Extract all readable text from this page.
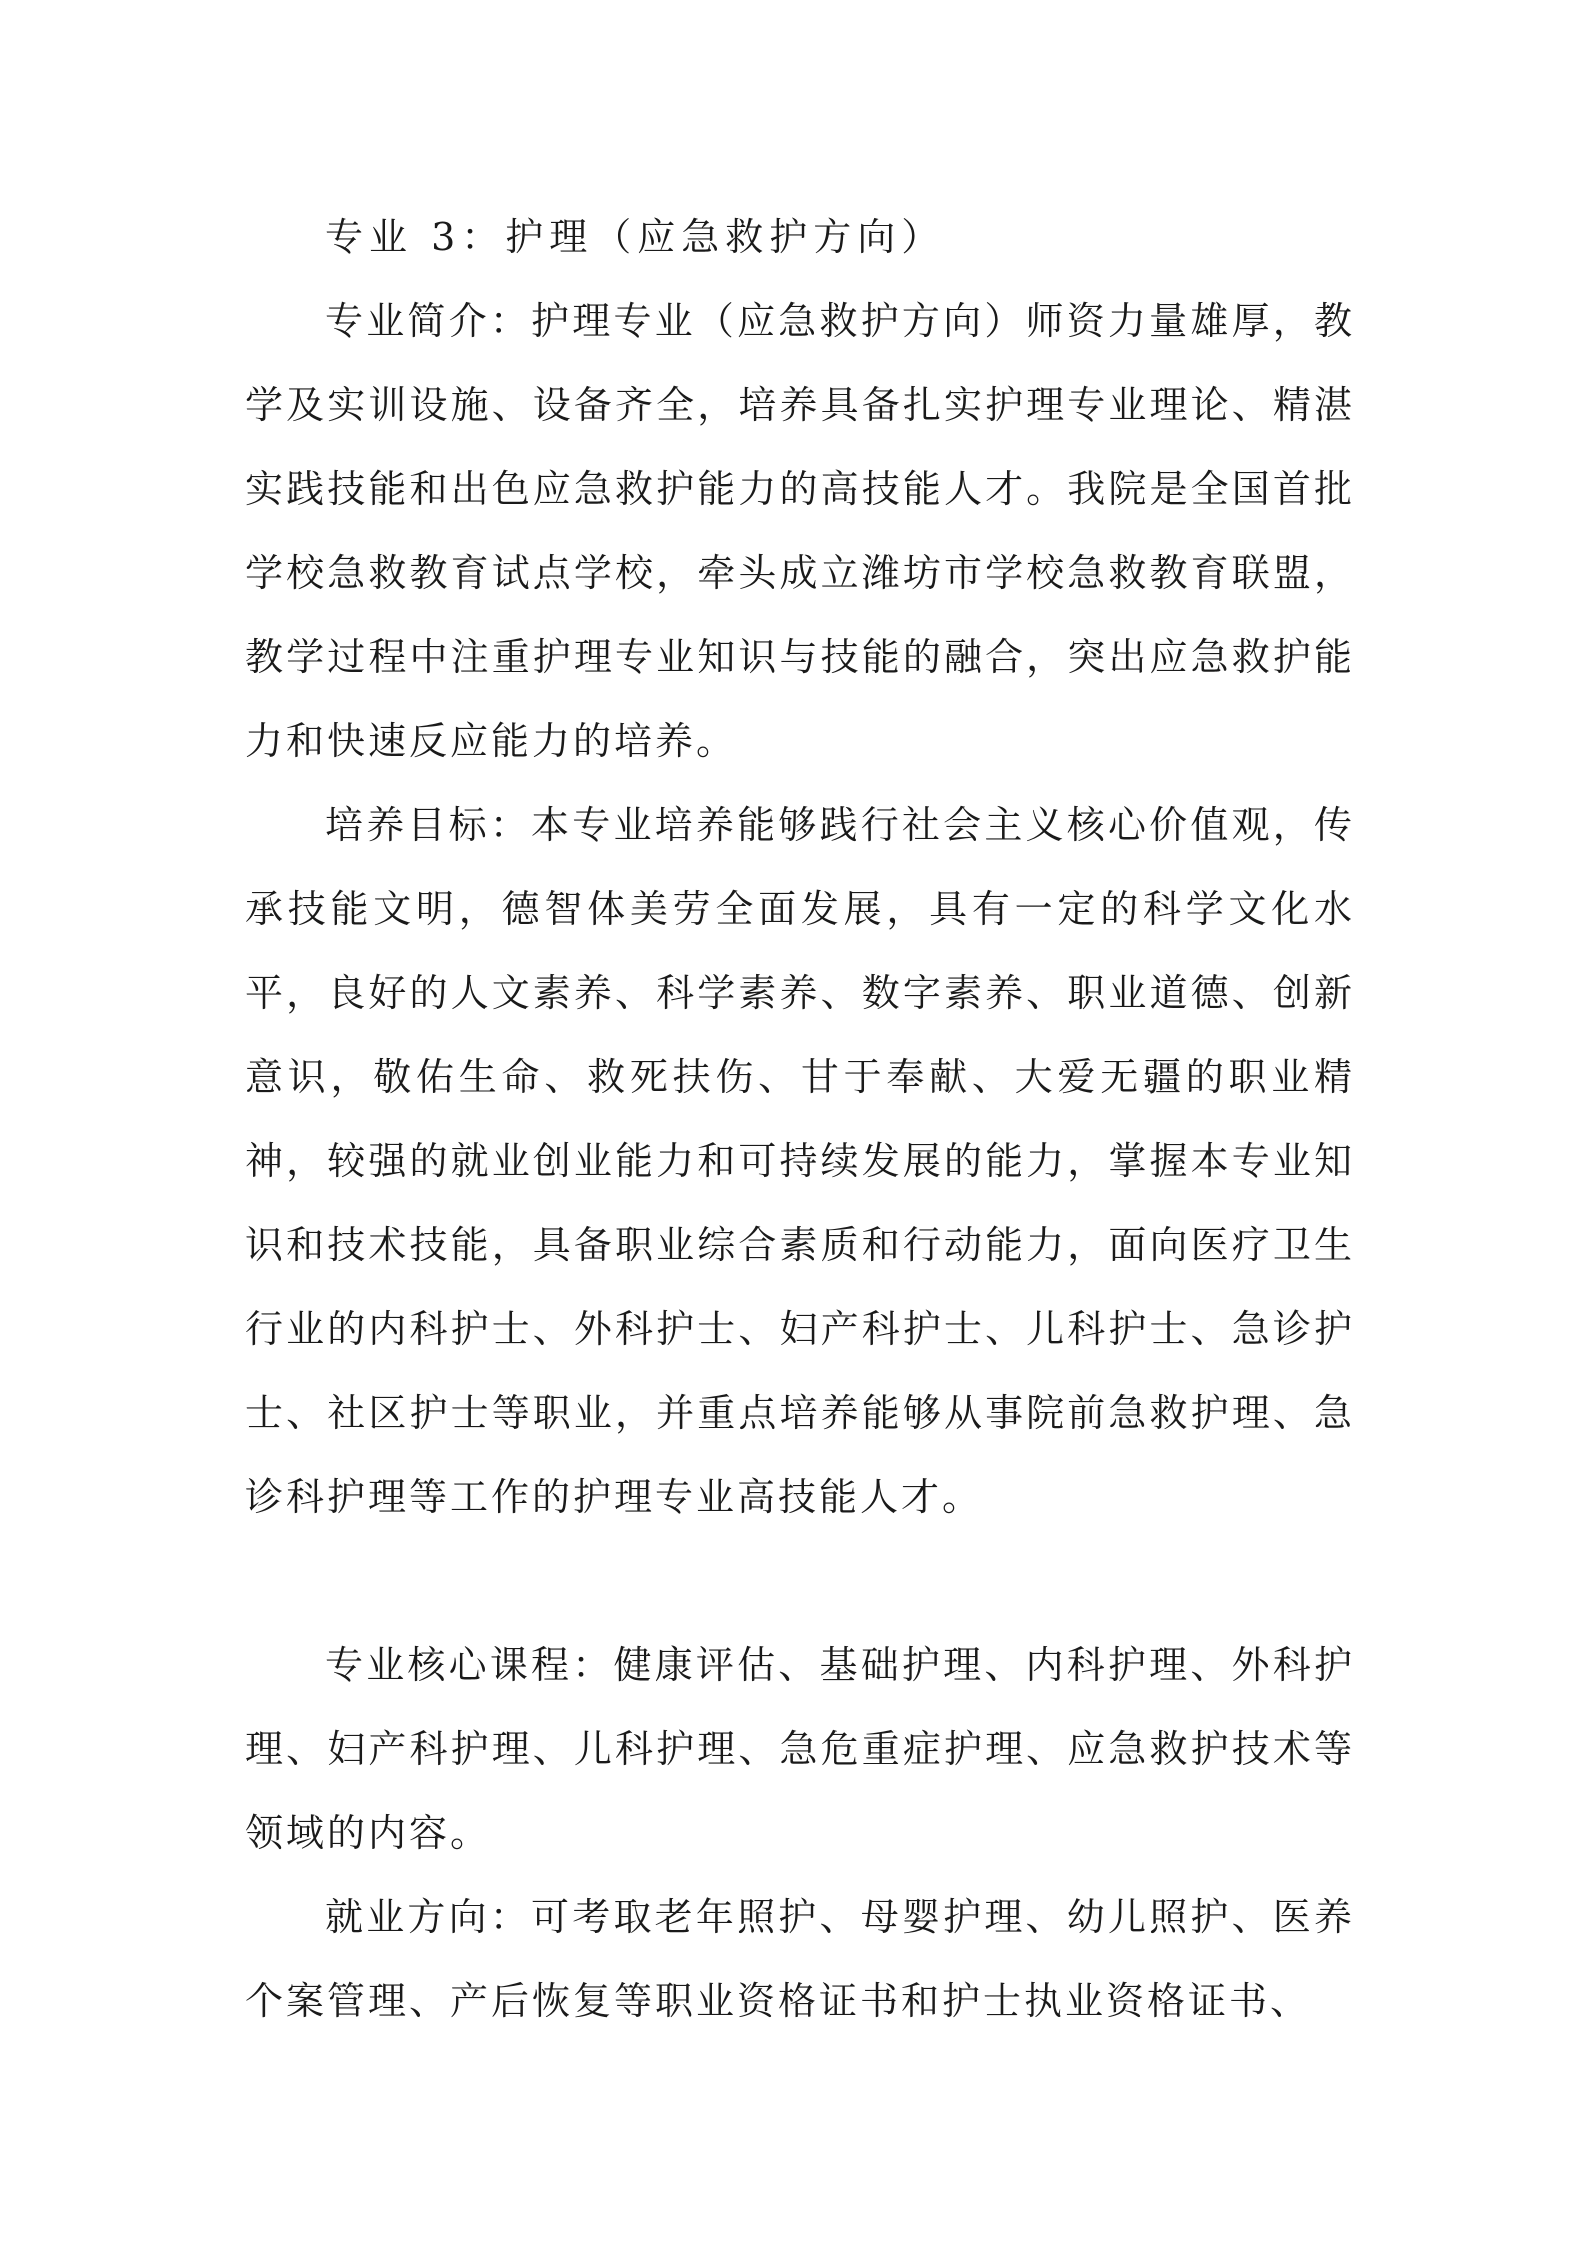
专业 3：护理（应急救护方向）

专业简介：护理专业（应急救护方向）师资力量雄厚，教学及实训设施、设备齐全，培养具备扎实护理专业理论、精湛实践技能和出色应急救护能力的高技能人才。我院是全国首批学校急救教育试点学校，牵头成立潍坊市学校急救教育联盟，教学过程中注重护理专业知识与技能的融合，突出应急救护能力和快速反应能力的培养。

培养目标：本专业培养能够践行社会主义核心价值观，传承技能文明，德智体美劳全面发展，具有一定的科学文化水平，良好的人文素养、科学素养、数字素养、职业道德、创新意识，敬佑生命、救死扶伤、甘于奉献、大爱无疆的职业精神，较强的就业创业能力和可持续发展的能力，掌握本专业知识和技术技能，具备职业综合素质和行动能力，面向医疗卫生行业的内科护士、外科护士、妇产科护士、儿科护士、急诊护士、社区护士等职业，并重点培养能够从事院前急救护理、急诊科护理等工作的护理专业高技能人才。

专业核心课程：健康评估、基础护理、内科护理、外科护理、妇产科护理、儿科护理、急危重症护理、应急救护技术等领域的内容。

就业方向：可考取老年照护、母婴护理、幼儿照护、医养个案管理、产后恢复等职业资格证书和护士执业资格证书、
